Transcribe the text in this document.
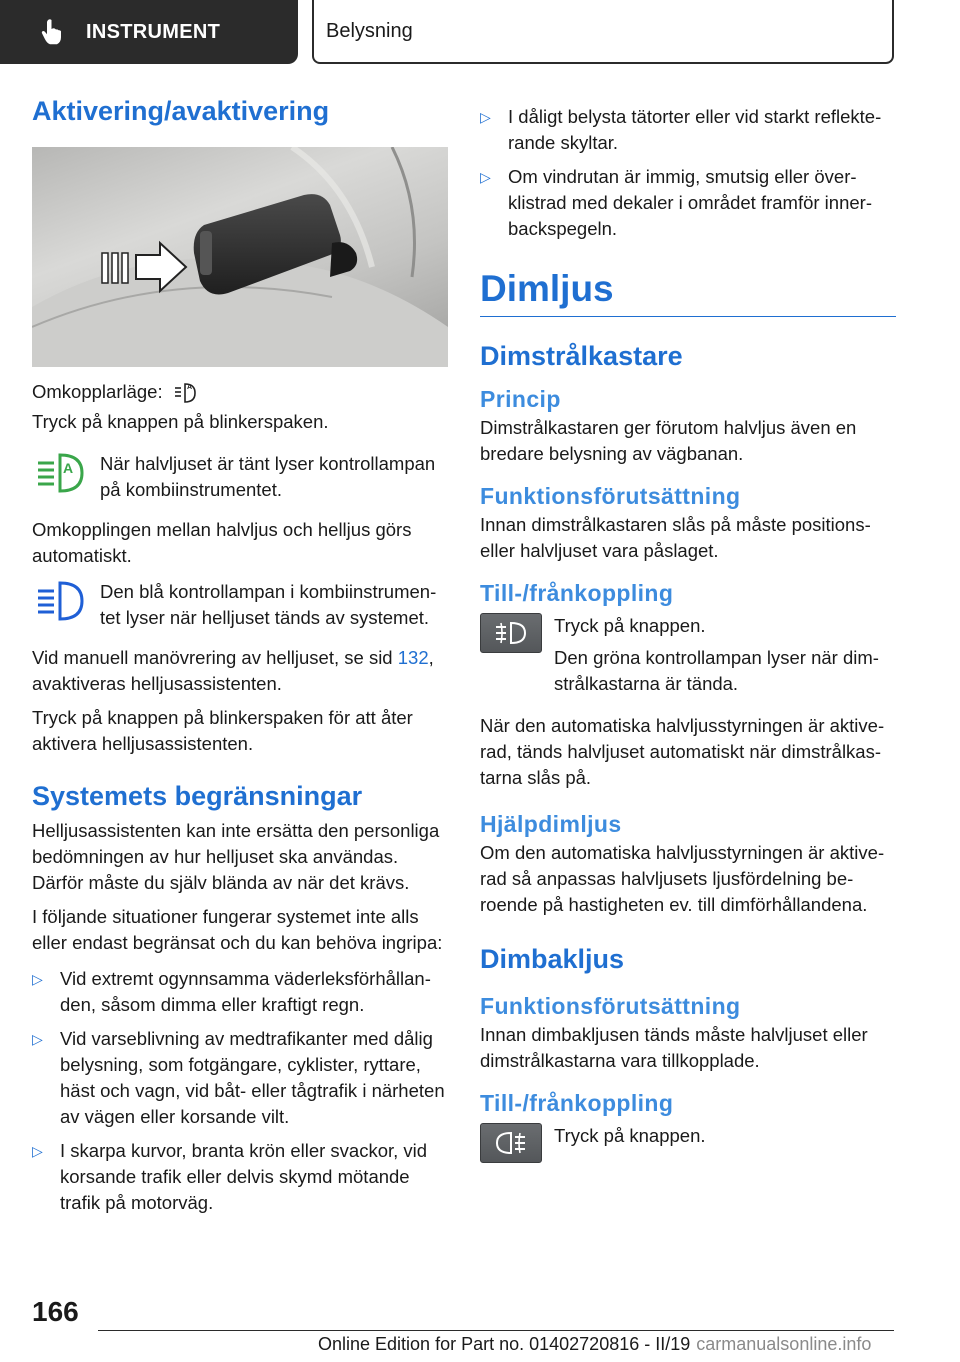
INSTRUMENT	Belysning
Aktivering/avaktivering

Omkopplarläge:	A

Tryck på knappen på blinkerspaken.

A När halvljuset är tänt lyser kontrollampan på kombiinstrumentet.

Omkopplingen mellan halvljus och helljus görs automatiskt.

Den blå kontrollampan i kombiinstrumentet lyser när helljuset tänds av systemet.

Vid manuell manövrering av helljuset, se sid 132, avaktiveras helljusassistenten.

Tryck på knappen på blinkerspaken för att åter aktivera helljusassistenten.

Systemets begränsningar

Helljusassistenten kan inte ersätta den personliga bedömningen av hur helljuset ska användas. Därför måste du själv blända av när det krävs.

I följande situationer fungerar systemet inte alls eller endast begränsat och du kan behöva ingripa:

▷ Vid extremt ogynnsamma väderleksförhållanden, såsom dimma eller kraftigt regn.
▷ Vid varseblivning av medtrafikanter med dålig belysning, som fotgängare, cyklister, ryttare, häst och vagn, vid båt- eller tågtrafik i närheten av vägen eller korsande vilt.
▷ I skarpa kurvor, branta krön eller svackor, vid korsande trafik eller delvis skymd mötande trafik på motorväg.
▷ I dåligt belysta tätorter eller vid starkt reflekterande skyltar.
▷ Om vindrutan är immig, smutsig eller överklistrad med dekaler i området framför innerbackspegeln.
Dimljus
Dimstrålkastare
Princip

Dimstrålkastaren ger förutom halvljus även en bredare belysning av vägbanan.

Funktionsförutsättning

Innan dimstrålkastaren slås på måste positions- eller halvljuset vara påslaget.

Till-/frånkoppling

Tryck på knappen.

Den gröna kontrollampan lyser när dimstrålkastarna är tända.

När den automatiska halvljusstyrningen är aktiverad, tänds halvljuset automatiskt när dimstrålkastarna slås på.

Hjälpdimljus

Om den automatiska halvljusstyrningen är aktiverad så anpassas halvljusets ljusfördelning beroende på hastigheten ev. till dimförhållandena.

Dimbakljus
Funktionsförutsättning

Innan dimbakljusen tänds måste halvljuset eller dimstrålkastarna vara tillkopplade.

Till-/frånkoppling

Tryck på knappen.

166
Online Edition for Part no. 01402720816 - II/19 carmanualsonline.info
